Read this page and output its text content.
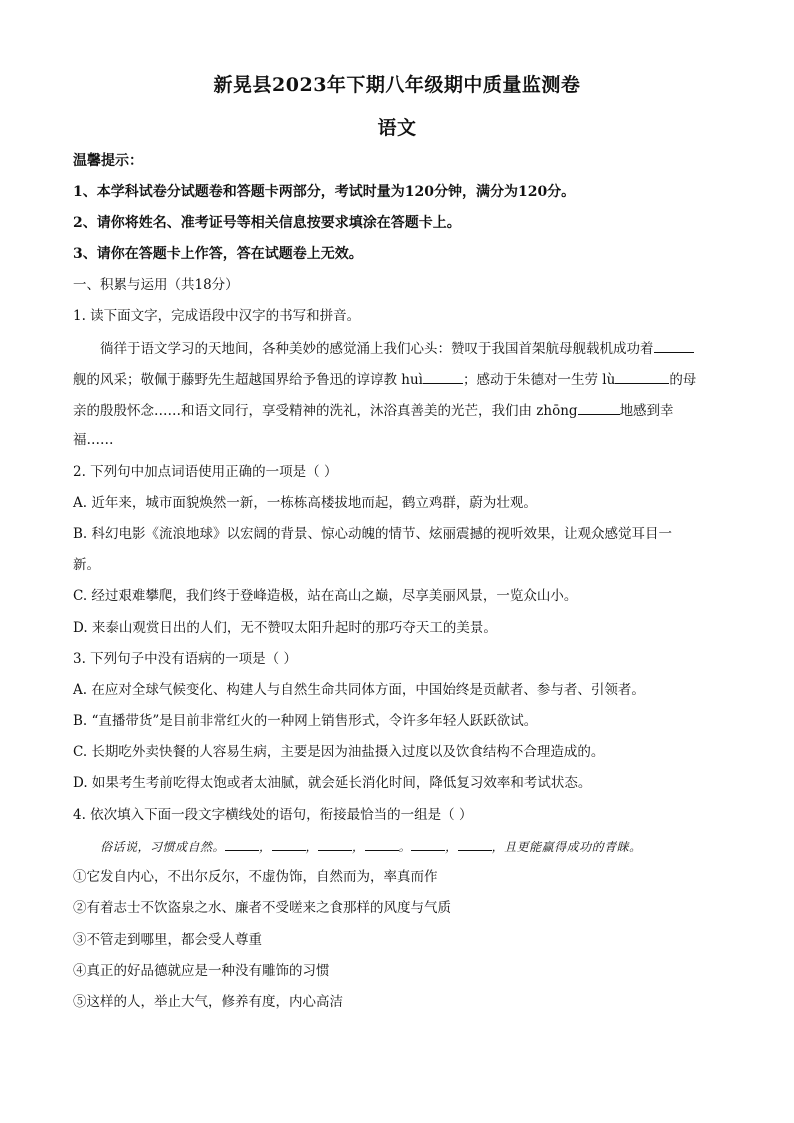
新晃县2023年下期八年级期中质量监测卷
语文
温馨提示：
1、本学科试卷分试题卷和答题卡两部分，考试时量为120分钟，满分为120分。
2、请你将姓名、准考证号等相关信息按要求填涂在答题卡上。
3、请你在答题卡上作答，答在试题卷上无效。
一、积累与运用（共18分）
1. 读下面文字，完成语段中汉字的书写和拼音。
徜徉于语文学习的天地间，各种美妙的感觉涌上我们心头：赞叹于我国首架航母舰载机成功着
舰的风采；敬佩于藤野先生超越国界给予鲁迅的谆谆教 huì	；感动于朱德对一生劳 lù	的母
亲的殷殷怀念……和语文同行，享受精神的洗礼，沐浴真善美的光芒，我们由 zhōng	地感到幸
福……
2. 下列句中加点词语使用正确的一项是（ ）
A. 近年来，城市面貌焕然一新，一栋栋高楼拔地而起，鹤立鸡群，蔚为壮观。
B. 科幻电影《流浪地球》以宏阔的背景、惊心动魄的情节、炫丽震撼的视听效果，让观众感觉耳目一
新。
C. 经过艰难攀爬，我们终于登峰造极，站在高山之巅，尽享美丽风景，一览众山小。
D. 来泰山观赏日出的人们，无不赞叹太阳升起时的那巧夺天工的美景。
3. 下列句子中没有语病的一项是（ ）
A. 在应对全球气候变化、构建人与自然生命共同体方面，中国始终是贡献者、参与者、引领者。
B. “直播带货”是目前非常红火的一种网上销售形式，令许多年轻人跃跃欲试。
C. 长期吃外卖快餐的人容易生病，主要是因为油盐摄入过度以及饮食结构不合理造成的。
D. 如果考生考前吃得太饱或者太油腻，就会延长消化时间，降低复习效率和考试状态。
4. 依次填入下面一段文字横线处的语句，衔接最恰当的一组是（ ）
俗话说，习惯成自然。	，	，	，	。	，	，且更能赢得成功的青睐。
①它发自内心，不出尔反尔，不虚伪饰，自然而为，率真而作
②有着志士不饮盗泉之水、廉者不受嗟来之食那样的风度与气质
③不管走到哪里，都会受人尊重
④真正的好品德就应是一种没有雕饰的习惯
⑤这样的人，举止大气，修养有度，内心高洁
